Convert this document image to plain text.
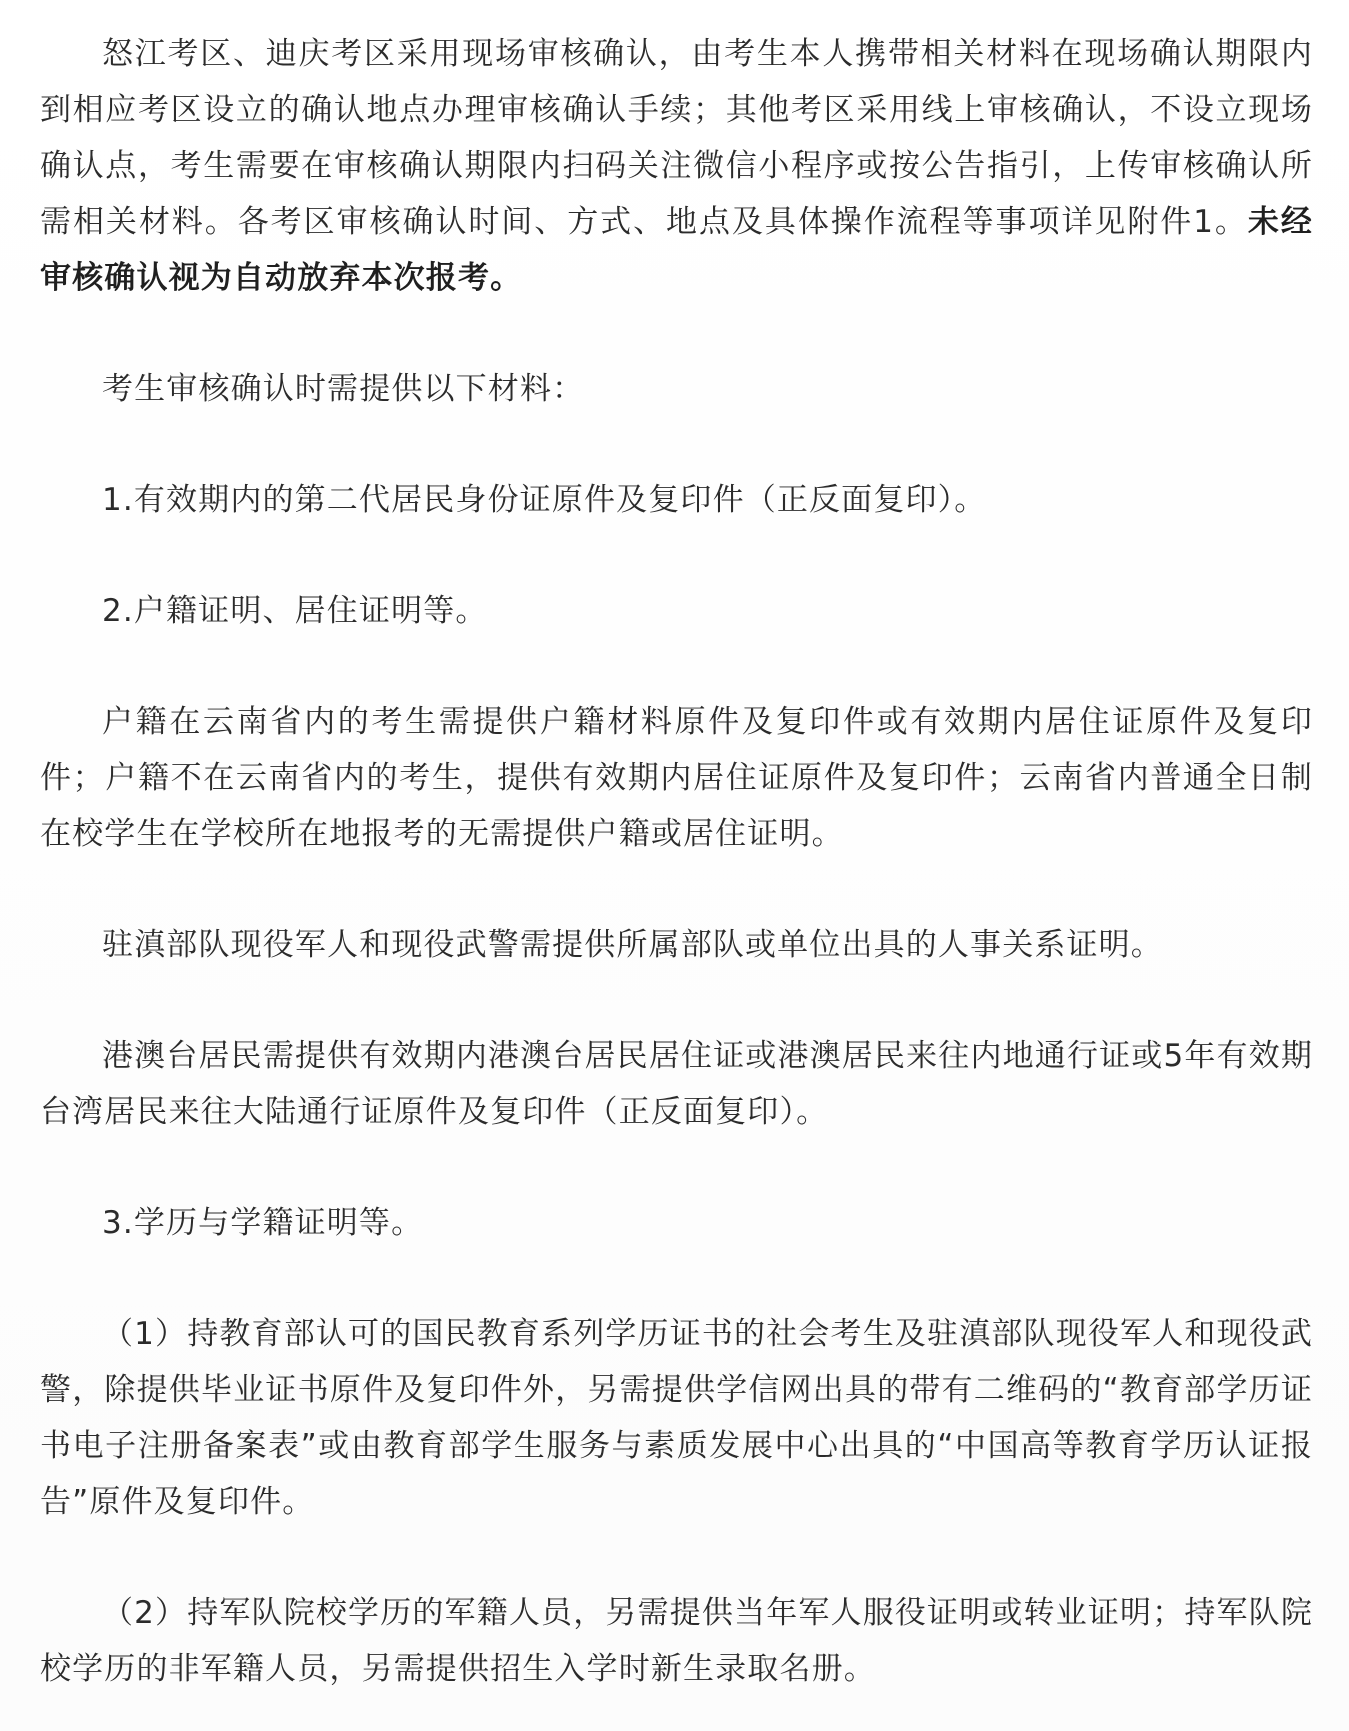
怒江考区、迪庆考区采用现场审核确认，由考生本人携带相关材料在现场确认期限内到相应考区设立的确认地点办理审核确认手续；其他考区采用线上审核确认，不设立现场确认点，考生需要在审核确认期限内扫码关注微信小程序或按公告指引，上传审核确认所需相关材料。各考区审核确认时间、方式、地点及具体操作流程等事项详见附件1。未经审核确认视为自动放弃本次报考。

考生审核确认时需提供以下材料：

1.有效期内的第二代居民身份证原件及复印件（正反面复印）。

2.户籍证明、居住证明等。

户籍在云南省内的考生需提供户籍材料原件及复印件或有效期内居住证原件及复印件；户籍不在云南省内的考生，提供有效期内居住证原件及复印件；云南省内普通全日制在校学生在学校所在地报考的无需提供户籍或居住证明。

驻滇部队现役军人和现役武警需提供所属部队或单位出具的人事关系证明。

港澳台居民需提供有效期内港澳台居民居住证或港澳居民来往内地通行证或5年有效期台湾居民来往大陆通行证原件及复印件（正反面复印）。

3.学历与学籍证明等。

（1）持教育部认可的国民教育系列学历证书的社会考生及驻滇部队现役军人和现役武警，除提供毕业证书原件及复印件外，另需提供学信网出具的带有二维码的“教育部学历证书电子注册备案表”或由教育部学生服务与素质发展中心出具的“中国高等教育学历认证报告”原件及复印件。

（2）持军队院校学历的军籍人员，另需提供当年军人服役证明或转业证明；持军队院校学历的非军籍人员，另需提供招生入学时新生录取名册。
